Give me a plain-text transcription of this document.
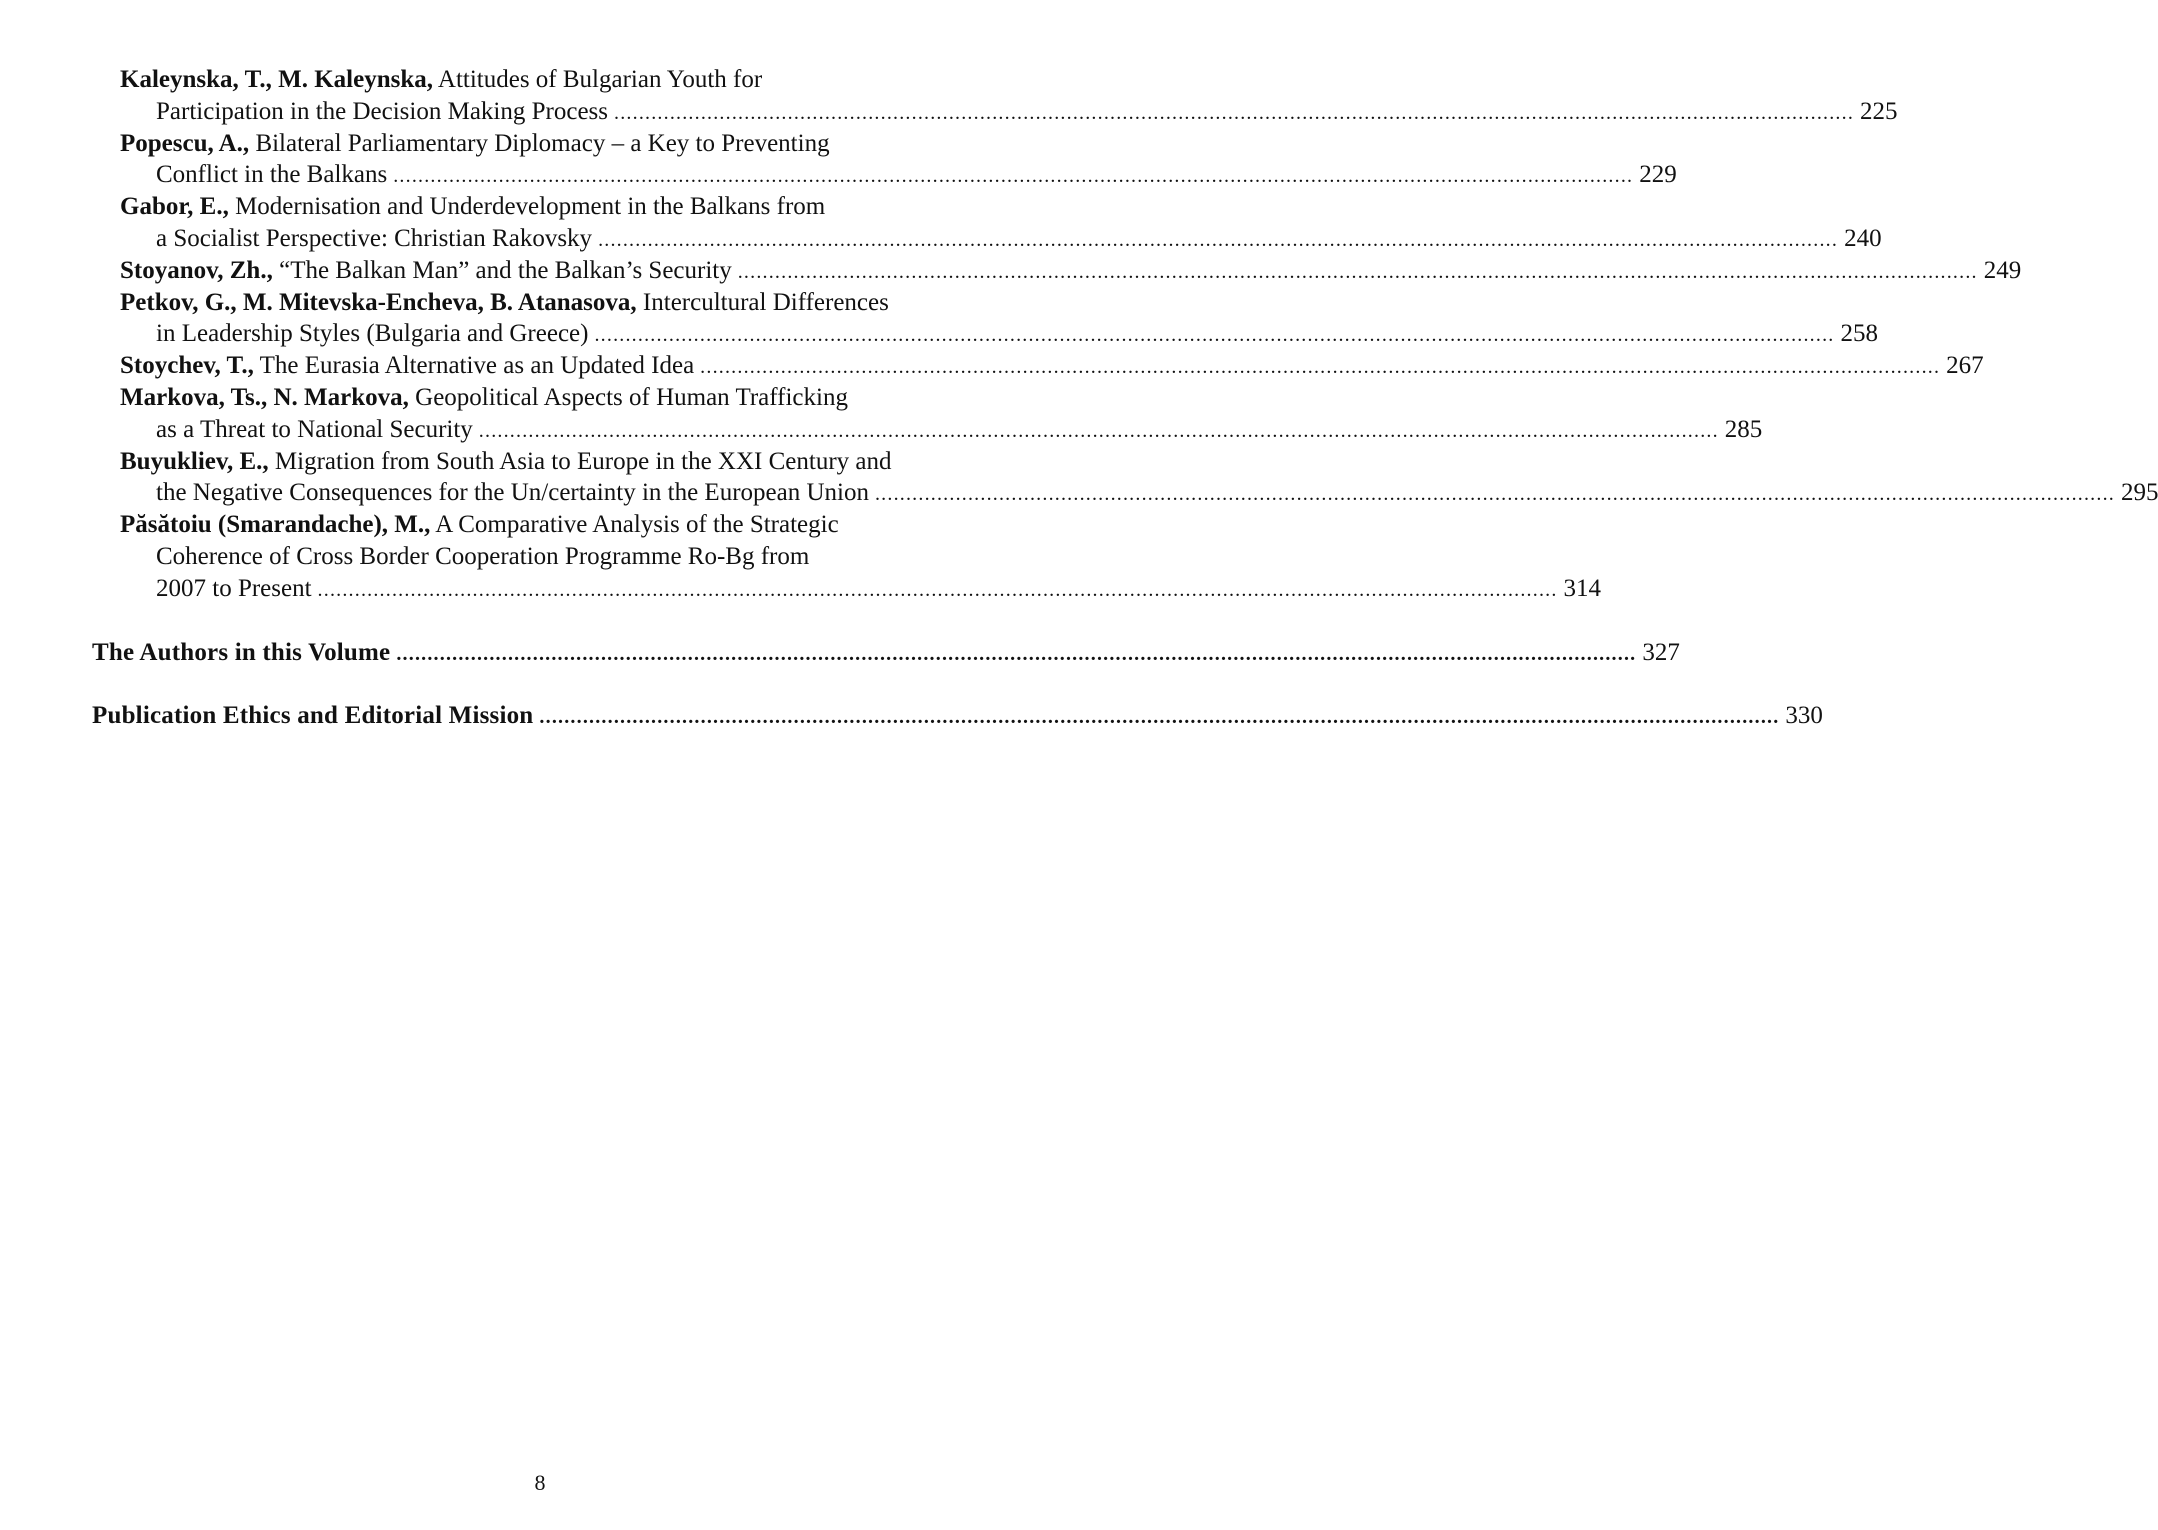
Kaleynska, T., M. Kaleynska, Attitudes of Bulgarian Youth for
Participation in the Decision Making Process ........................................................................................................................................................................................................ 225
Popescu, A., Bilateral Parliamentary Diplomacy – a Key to Preventing
Conflict in the Balkans ........................................................................................................................................................................................................ 229
Gabor, E., Modernisation and Underdevelopment in the Balkans from
a Socialist Perspective: Christian Rakovsky ........................................................................................................................................................................................................ 240
Stoyanov, Zh., “The Balkan Man” and the Balkan’s Security ........................................................................................................................................................................................................ 249
Petkov, G., M. Mitevska-Encheva, B. Atanasova, Intercultural Differences
in Leadership Styles (Bulgaria and Greece) ........................................................................................................................................................................................................ 258
Stoychev, T., The Eurasia Alternative as an Updated Idea ........................................................................................................................................................................................................ 267
Markova, Ts., N. Markova, Geopolitical Aspects of Human Trafficking
as a Threat to National Security ........................................................................................................................................................................................................ 285
Buyukliev, E., Migration from South Asia to Europe in the XXI Century and
the Negative Consequences for the Un/certainty in the European Union ........................................................................................................................................................................................................ 295
Păsătoiu (Smarandache), M., A Comparative Analysis of the Strategic
Coherence of Cross Border Cooperation Programme Ro-Bg from
2007 to Present ........................................................................................................................................................................................................ 314
The Authors in this Volume ........................................................................................................................................................................................................ 327
Publication Ethics and Editorial Mission ........................................................................................................................................................................................................ 330
8
